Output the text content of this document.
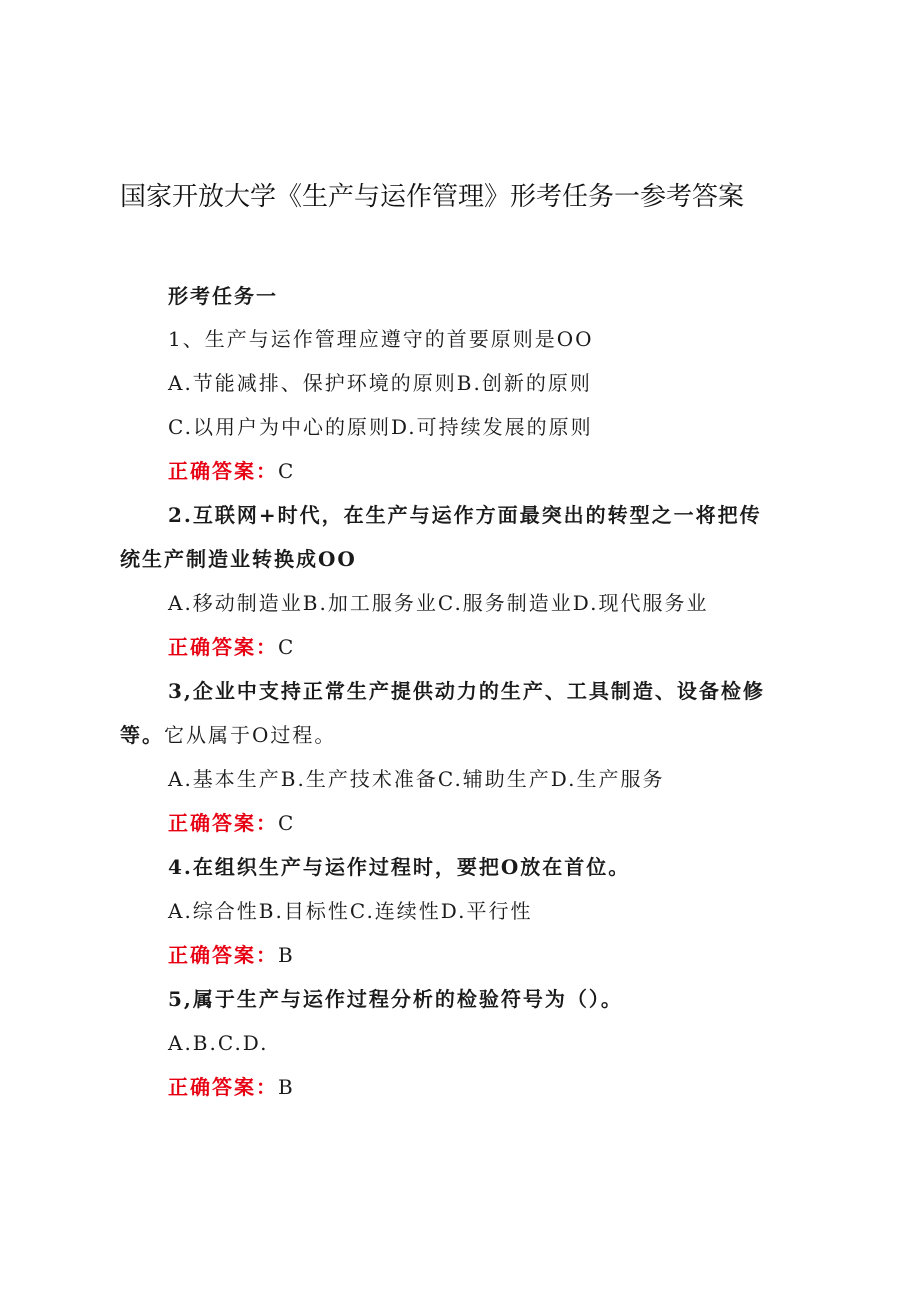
国家开放大学《生产与运作管理》形考任务一参考答案
形考任务一
1、生产与运作管理应遵守的首要原则是OO
A.节能减排、保护环境的原则B.创新的原则
C.以用户为中心的原则D.可持续发展的原则
正确答案：C
2.互联网+时代，在生产与运作方面最突出的转型之一将把传
统生产制造业转换成OO
A.移动制造业B.加工服务业C.服务制造业D.现代服务业
正确答案：C
3,企业中支持正常生产提供动力的生产、工具制造、设备检修
等。它从属于O过程。
A.基本生产B.生产技术准备C.辅助生产D.生产服务
正确答案：C
4.在组织生产与运作过程时，要把O放在首位。
A.综合性B.目标性C.连续性D.平行性
正确答案：B
5,属于生产与运作过程分析的检验符号为（）。
A.B.C.D.
正确答案：B
